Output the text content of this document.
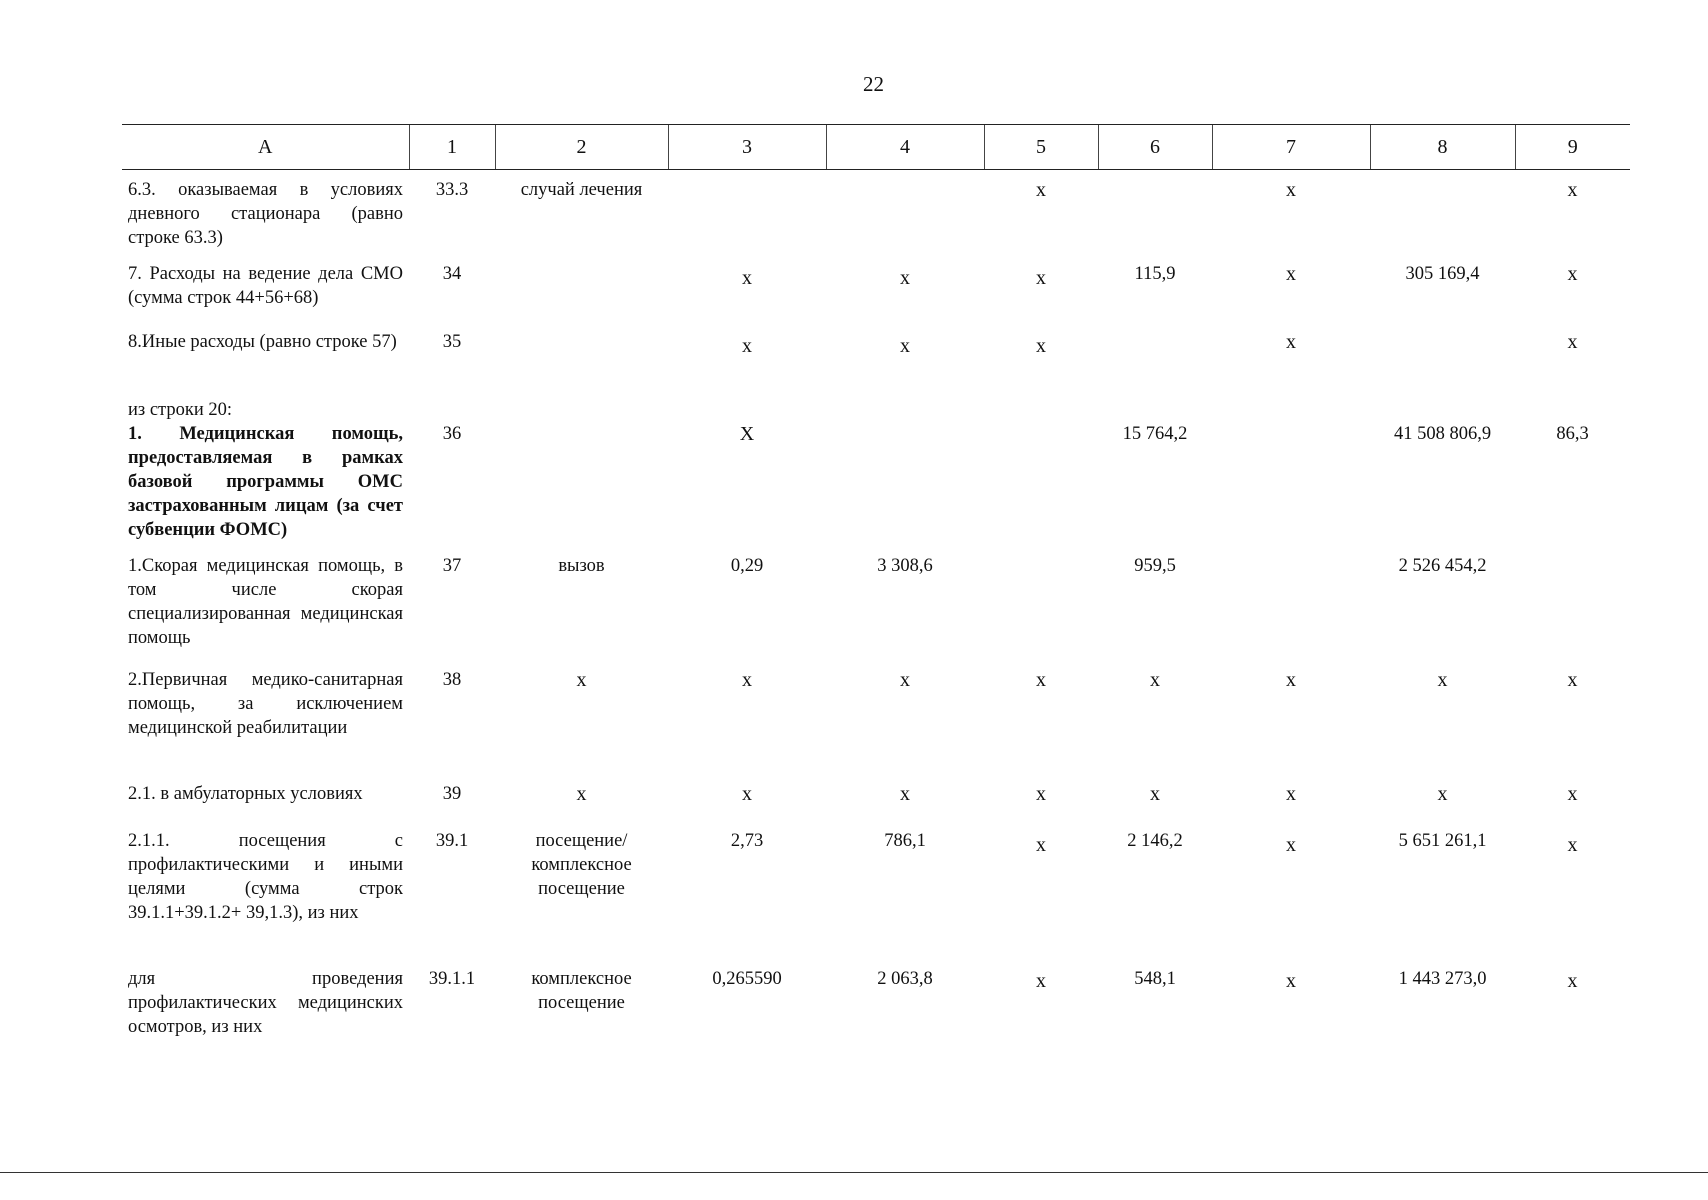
22
А	1	2	3	4	5	6	7	8	9
6.3. оказываемая в условиях дневного стационара (равно строке 63.3)	33.3	случай лечения			х		х		х
7. Расходы на ведение дела СМО (сумма строк 44+56+68)	34		х	х	х	115,9	х	305 169,4	х
8.Иные расходы (равно строке 57)	35		х	х	х		х		х

из строки 20:
1. Медицинская помощь, предоставляемая в рамках базовой программы ОМС застрахованным лицам (за счет субвенции ФОМС)	36		Х			15 764,2		41 508 806,9	86,3
1.Скорая медицинская помощь, в том числе скорая специализированная медицинская помощь	37	вызов	0,29	3 308,6		959,5		2 526 454,2	
2.Первичная медико-санитарная помощь, за исключением медицинской реабилитации	38	х	х	х	х	х	х	х	х
2.1. в амбулаторных условиях	39	х	х	х	х	х	х	х	х
2.1.1. посещения с профилактическими и иными целями (сумма строк 39.1.1+39.1.2+ 39,1.3), из них	39.1	посещение/ комплексное посещение	2,73	786,1	х	2 146,2	х	5 651 261,1	х
для проведения профилактических медицинских осмотров, из них	39.1.1	комплексное посещение	0,265590	2 063,8	х	548,1	х	1 443 273,0	х
